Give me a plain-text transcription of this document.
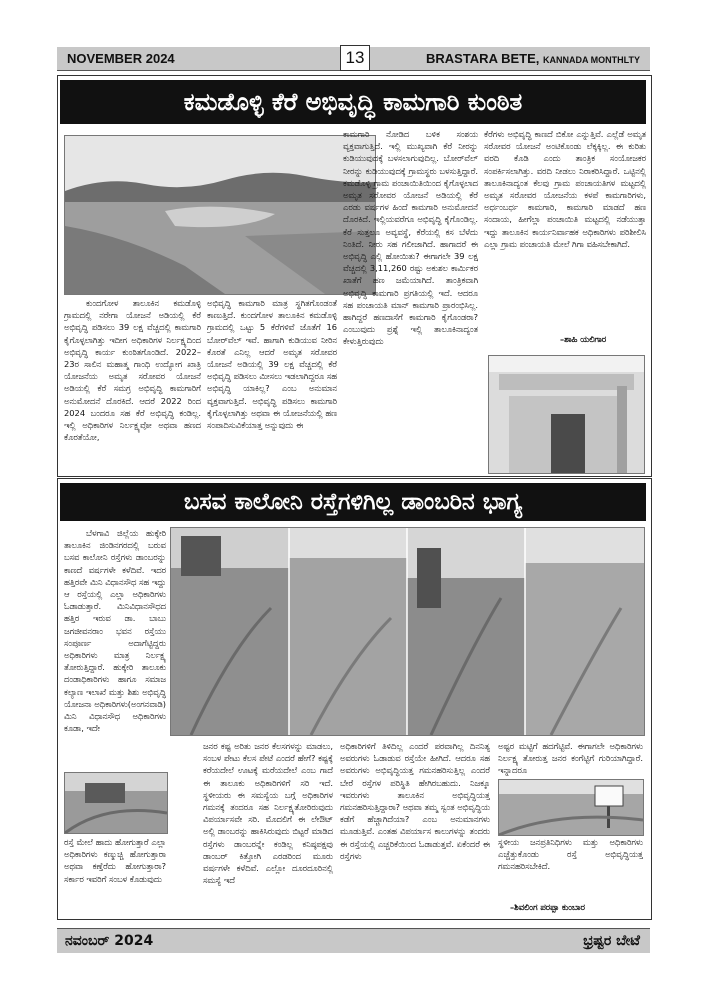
NOVEMBER 2024	13	BRASTARA BETE, KANNADA MONTHLTY
ಕಮಡೊಳ್ಳಿ ಕೆರೆ ಅಭಿವೃದ್ಧಿ ಕಾಮಗಾರಿ ಕುಂಠಿತ
ಕುಂದಗೋಳ ತಾಲೂಕಿನ ಕಮಡೊಳ್ಳಿ ಗ್ರಾಮದಲ್ಲಿ ನರೇಗಾ ಯೋಜನೆ ಅಡಿಯಲ್ಲಿ ಕೆರೆ ಅಭಿವೃದ್ಧಿ ಪಡಿಸಲು 39 ಲಕ್ಷ ವೆಚ್ಚದಲ್ಲಿ ಕಾಮಗಾರಿ ಕೈಗೊಳ್ಳಲಾಗಿತ್ತು ಇದೀಗ ಅಧಿಕಾರಿಗಳ ನಿರ್ಲಕ್ಷ್ಯದಿಂದ ಅಭಿವೃದ್ಧಿ ಕಾರ್ಯ ಕುಂಠಿತಗೊಂಡಿದೆ. 2022–23ರ ಸಾಲಿನ ಮಹಾತ್ಮ ಗಾಂಧಿ ಉದ್ಯೋಗ ಖಾತ್ರಿ ಯೋಜನೆಯ ಅಮೃತ ಸರೋವರ ಯೋಜನೆ ಅಡಿಯಲ್ಲಿ ಕೆರೆ ಸಮಗ್ರ ಅಭಿವೃದ್ಧಿ ಕಾಮಗಾರಿಗೆ ಅನುಮೋದನೆ ದೊರಕಿದೆ. ಆದರೆ 2022 ರಿಂದ 2024 ಬಂದರೂ ಸಹ ಕೆರೆ ಅಭಿವೃದ್ಧಿ ಕಂಡಿಲ್ಲ. ಇಲ್ಲಿ ಅಧಿಕಾರಿಗಳ ನಿರ್ಲಕ್ಷ್ಯವೋ ಅಥವಾ ಹಣದ ಕೊರತೆಯೋ,
ಅಭಿವೃದ್ಧಿ ಕಾಮಗಾರಿ ಮಾತ್ರ ಸ್ಥಗಿತಗೊಂಡಂತೆ ಕಾಣುತ್ತಿದೆ. ಕುಂದಗೋಳ ತಾಲೂಕಿನ ಕಮಡೊಳ್ಳಿ ಗ್ರಾಮದಲ್ಲಿ ಒಟ್ಟು 5 ಕೆರೆಗಳಿವೆ ಜೊತೆಗೆ 16 ಬೋರ್‌ವೆಲ್ ಇವೆ. ಹಾಗಾಗಿ ಕುಡಿಯುವ ನೀರಿನ ಕೊರತೆ ಎನಿಲ್ಲ ಆದರೆ ಅಮೃತ ಸರೋವರ ಯೋಜನೆ ಅಡಿಯಲ್ಲಿ 39 ಲಕ್ಷ ವೆಚ್ಚದಲ್ಲಿ ಕೆರೆ ಅಭಿವೃದ್ಧಿ ಪಡಿಸಲು ಮೀಸಲು ಇಡಲಾಗಿದ್ದರೂ ಸಹ ಅಭಿವೃದ್ಧಿ ಯಾಕಿಲ್ಲ? ಎಂಬ ಅನುಮಾನ ವ್ಯಕ್ತವಾಗುತ್ತಿದೆ. ಅಭಿವೃದ್ಧಿ ಪಡಿಸಲು ಕಾಮಗಾರಿ ಕೈಗೊಳ್ಳಲಾಗಿತ್ತು ಅಥವಾ ಈ ಯೋಜನೆಯಲ್ಲಿ ಹಣ ಸಂಪಾದಿಸುವಿಕೆಯಾತ್ತ ಅನ್ನುವುದು ಈ
ಕಾಮಗಾರಿ ನೋಡಿದ ಬಳಿಕ ಸಂಶಯ ವ್ಯಕ್ತವಾಗುತ್ತಿದೆ. ಇಲ್ಲಿ ಮುಖ್ಯವಾಗಿ ಕೆರೆ ನೀರನ್ನು ಕುಡಿಯುವುದಕ್ಕೆ ಬಳಸಲಾಗುವುದಿಲ್ಲ. ಬೋರ್‌ವೆಲ್ ನೀರನ್ನು ಕುಡಿಯುವುದಕ್ಕೆ ಗ್ರಾಮಸ್ಥರು ಬಳಸುತ್ತಿದ್ದಾರೆ. ಕಮಡೊಳ್ಳಿ ಗ್ರಾಮ ಪಂಚಾಯಿತಿಯಿಂದ ಕೈಗೊಳ್ಳಲಾದ ಅಮೃತ ಸರೋವರ ಯೋಜನೆ ಅಡಿಯಲ್ಲಿ ಕೆರೆ ಎರಡು ವರ್ಷಗಳ ಹಿಂದೆ ಕಾಮಗಾರಿ ಅನುಮೋದನೆ ದೊರಕಿದೆ. ಇಲ್ಲಿಯವರೆಗೂ ಅಭಿವೃದ್ಧಿ ಕೈಗೊಂಡಿಲ್ಲ. ಕೆರೆ ಸುತ್ತಲೂ ಅವ್ಯವಸ್ಥೆ, ಕೆರೆಯಲ್ಲಿ ಕಸ ಬೆಳೆದು ನಿಂತಿದೆ. ನೀರು ಸಹ ಗಲೀಜಾಗಿದೆ. ಹಾಗಾದರೆ ಈ ಅಭಿವೃದ್ಧಿ ಎಲ್ಲಿ ಹೋಯಿತು? ಈಗಾಗಲೇ 39 ಲಕ್ಷ ವೆಚ್ಚದಲ್ಲಿ 3,11,260 ರಷ್ಟು ಅಕುಶಲ ಕಾರ್ಮಿಕರ ಖಾತೆಗೆ ಹಣ ಜಮೆಯಾಗಿದೆ. ತಾಂತ್ರಿಕವಾಗಿ ಅಭಿವೃದ್ಧಿ ಕಾಮಗಾರಿ ಪ್ರಗತಿಯಲ್ಲಿ ಇದೆ. ಆದರೂ ಸಹ ಪಂಚಾಯತಿ ಮಾನ್ ಕಾಮಗಾರಿ ಪ್ರಾರಂಭಿಸಿಲ್ಲ. ಹಾಗಿದ್ದರೆ ಹಣದಾಸೆಗೆ ಕಾಮಗಾರಿ ಕೈಗೊಂಡರಾ? ಎಂಬುವುದು ಪ್ರಶ್ನೆ ಇಲ್ಲಿ ತಾಲೂಕಿನಾದ್ಯಂತ ಕೇಳುತ್ತಿರುವುದು
ಕೆರೆಗಳು ಅಭಿವೃದ್ಧಿ ಕಾಣದೆ ಬಿಕೋ ಎನ್ನುತ್ತಿವೆ. ಎಲ್ಲೆಡೆ ಅಮೃತ ಸರೋವರ ಯೋಜನೆ ಅಂಟಿಕೊಂಡು ಲೆಕ್ಕಕ್ಕಿಲ್ಲ. ಈ ಕುರಿತು ವರದಿ ಕೊಡಿ ಎಂದು ತಾಂತ್ರಿಕ ಸಂಯೋಜಕರ ಸಂಪರ್ಕಿಸಲಾಗಿತ್ತು. ವರದಿ ನೀಡಲು ನಿರಾಕರಿಸಿದ್ದಾರೆ. ಒಟ್ಟಿನಲ್ಲಿ ತಾಲೂಕಿನಾದ್ಯಂತ ಕೆಲವು ಗ್ರಾಮ ಪಂಚಾಯತಿಗಳ ಮಟ್ಟದಲ್ಲಿ ಅಮೃತ ಸರೋವರ ಯೋಜನೆಯ ಕಳಪೆ ಕಾಮಗಾರಿಗಳು, ಅರ್ಧಂಬರ್ಧ ಕಾಮಗಾರಿ, ಕಾಮಗಾರಿ ಮಾಡದೆ ಹಣ ಸಂದಾಯ, ಹೀಗೆಲ್ಲಾ ಪಂಚಾಯಿತಿ ಮಟ್ಟದಲ್ಲಿ ನಡೆಯುತ್ತಾ ಇದ್ದು ತಾಲೂಕಿನ ಕಾರ್ಯನಿರ್ವಾಹಕ ಅಧಿಕಾರಿಗಳು ಪರಿಶೀಲಿಸಿ ಎಲ್ಲಾ ಗ್ರಾಮ ಪಂಚಾಯತಿ ಮೇಲೆ ಗಿಗಾ ವಹಿಸಬೇಕಾಗಿದೆ.
–ಶಾಹಿ ಯಲಿಗಾರ
ಬಸವ ಕಾಲೋನಿ ರಸ್ತೆಗಳಿಗಿಲ್ಲ ಡಾಂಬರಿನ ಭಾಗ್ಯ
ಬೆಳಗಾವಿ ಜಿಲ್ಲೆಯ ಹುಕ್ಕೇರಿ ತಾಲೂಕಿನ ಜಿಂಡಿನಗರದಲ್ಲಿ ಬರುವ ಬಸವ ಕಾಲೋನಿ ರಸ್ತೆಗಳು ಡಾಂಬರನ್ನು ಕಾಣದೆ ವರ್ಷಗಳೇ ಕಳೆದಿವೆ. ಇದರ ಹತ್ತಿರವೇ ಮಿನಿ ವಿಧಾನಸೌಧ ಸಹ ಇದ್ದು ಆ ರಸ್ತೆಯಲ್ಲಿ ಎಲ್ಲಾ ಅಧಿಕಾರಿಗಳು ಓಡಾಡುತ್ತಾರೆ. ಮಿನಿವಿಧಾನಸೌಧದ ಹತ್ತಿರ ಇರುವ ಡಾ. ಬಾಬು ಜಗಜೀವನರಾಂ ಭವನ ರಸ್ತೆಯು ಸಂಪೂರ್ಣ ಅದಾಗೆಟ್ಟಿದ್ದರು ಅಧಿಕಾರಿಗಳು ಮಾತ್ರ ನಿರ್ಲಕ್ಷ್ಯ ತೋರುತ್ತಿದ್ದಾರೆ. ಹುಕ್ಕೇರಿ ತಾಲೂಕು ದಂಡಾಧಿಕಾರಿಗಳು ಹಾಗೂ ಸಮಾಜ ಕಲ್ಯಾಣ ಇಲಾಖೆ ಮತ್ತು ಶಿಶು ಅಭಿವೃದ್ಧಿ ಯೋಜನಾ ಅಧಿಕಾರಿಗಳು(ಅಂಗನವಾಡಿ) ಮಿನಿ ವಿಧಾನಸೌಧ ಅಧಿಕಾರಿಗಳು ಕೂಡಾ, ಇದೇ
ರಸ್ತೆ ಮೇಲೆ ಹಾದು ಹೋಗುತ್ತಾರೆ ಎಲ್ಲಾ ಅಧಿಕಾರಿಗಳು ಕಣ್ಮುಚ್ಚಿ ಹೋಗುತ್ತಾರಾ ಅಥವಾ ಕಣ್ತೆರೆದು ಹೋಗುತ್ತಾರಾ? ಸರ್ಕಾರ ಇವರಿಗೆ ಸಂಬಳ ಕೊಡುವುದು
ಜನರ ಕಷ್ಟ ಅರಿತು ಜನರ ಕೆಲಸಗಳನ್ನು ಮಾಡಲು, ಸಂಬಳ ಪೇಟು ಕೆಲಸ ಪೇಟೆ ಎಂದರೆ ಹೇಗೆ? ಕಷ್ಟಕ್ಕೆ ಕರೆಯದೇಲೆ ಊಟಕ್ಕೆ ಮರೆಯದೇಲೆ ಎಂಬ ಗಾದೆ ಈ ತಾಲೂಕು ಅಧಿಕಾರಿಗಳಿಗೆ ಸರಿ ಇದೆ. ಸ್ಥಳೀಯರು ಈ ಸಮಸ್ಯೆಯ ಬಗ್ಗೆ ಅಧಿಕಾರಿಗಳ ಗಮನಕ್ಕೆ ತಂದರೂ ಸಹ ನಿರ್ಲಕ್ಷ್ಯತೋರಿರುವುದು ವಿಪರ್ಯಾಸವೇ ಸರಿ. ಮೊದಲಿಗೆ ಈ ಲೇಔಟ್ ಅಲ್ಲಿ ಡಾಂಬರನ್ನು ಹಾಕಿಸಿರುವುದು ಬಿಟ್ಟರೆ ಮಾಡಿದ ರಸ್ತೆಗಳು ಡಾಂಬರನ್ನೇ ಕಂಡಿಲ್ಲ ಕನಿಷ್ಠಪಕ್ಷವು ಡಾಂಬರ್ ಕಿತ್ತೋಗಿ ಎರಡರಿಂದ ಮೂರು ವರ್ಷಗಳೇ ಕಳೆದಿವೆ. ಎಲ್ಲೋ ದೂರದೂರಿನಲ್ಲಿ ಸಮಸ್ಯೆ ಇದೆ
ಅಧಿಕಾರಿಗಳಿಗೆ ತಿಳಿದಿಲ್ಲ ಎಂದರೆ ಪರವಾಗಿಲ್ಲ ದಿನನಿತ್ಯ ಅವರುಗಳು ಓಡಾಡುವ ರಸ್ತೆಯೇ ಹೀಗಿದೆ. ಆದರೂ ಸಹ ಅವರುಗಳು ಅಭಿವೃದ್ಧಿಯತ್ತ ಗಮನಹರಿಸುತ್ತಿಲ್ಲ ಎಂದರೆ ಬೇರೆ ರಸ್ತೆಗಳ ಪರಿಸ್ಥಿತಿ ಹೇಗಿರಬಹುದು. ನಿಜಕ್ಕೂ ಇವರುಗಳು ತಾಲೂಕಿನ ಅಭಿವೃದ್ಧಿಯತ್ತ ಗಮನಹರಿಸುತ್ತಿದ್ದಾರಾ? ಅಥವಾ ತಮ್ಮ ಸ್ವಂತ ಅಭಿವೃದ್ಧಿಯ ಕಡೆಗೆ ಹೆಚ್ಚಾಗಿದೆಯಾ? ಎಂಬ ಅನುಮಾನಗಳು ಮೂಡುತ್ತಿವೆ. ಎಂತಹ ವಿಪರ್ಯಾಸ ಕಾಲುಗಳನ್ನು ತಂದರು ಈ ರಸ್ತೆಯಲ್ಲಿ ಎಚ್ಚರಿಕೆಯಿಂದ ಓಡಾಡುತ್ತವೆ. ಏಕೆಂದರೆ ಈ ರಸ್ತೆಗಳು
ಅಷ್ಟರ ಮಟ್ಟಿಗೆ ಹದಗೆಟ್ಟಿವೆ. ಈಗಾಗಲೇ ಅಧಿಕಾರಿಗಳು ನಿರ್ಲಕ್ಷ್ಯ ತೋರುತ್ತ ಜನರ ಕಂಗೆಟ್ಟಿಗೆ ಗುರಿಯಾಗಿದ್ದಾರೆ. ಇನ್ನಾದರೂ
ಸ್ಥಳೀಯ ಜನಪ್ರತಿನಿಧಿಗಳು ಮತ್ತು ಅಧಿಕಾರಿಗಳು ಎಚ್ಚೆತ್ತುಕೊಂಡು ರಸ್ತೆ ಅಭಿವೃದ್ಧಿಯತ್ತ ಗಮನಹರಿಸಬೇಕಿದೆ.
–ಶಿವಲಿಂಗ ಪರಪ್ಪಾ ಕುಂಬಾರ
ನವಂಬರ್ 2024	ಭ್ರಷ್ಟರ ಬೇಟೆ
